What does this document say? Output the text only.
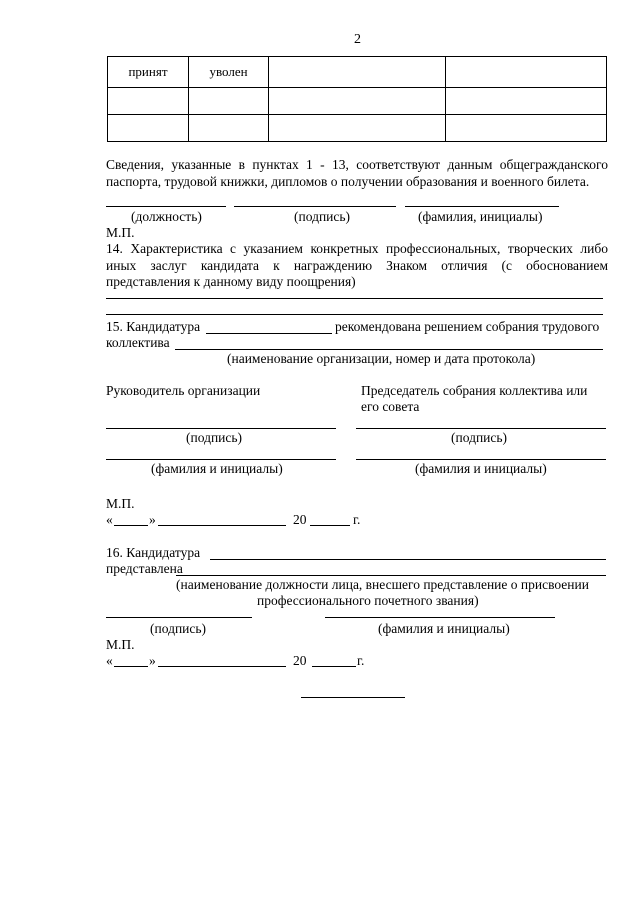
2
принят	уволен		

Сведения, указанные в пунктах 1 - 13, соответствуют данным общегражданского паспорта, трудовой книжки, дипломов о получении образования и военного билета.
(должность)	(подпись)	(фамилия, инициалы)
М.П.
14. Характеристика с указанием конкретных профессиональных, творческих либо иных заслуг кандидата к награждению Знаком отличия (с обоснованием представления к данному виду поощрения)
15. Кандидатура	рекомендована решением собрания трудового
коллектива
(наименование организации, номер и дата протокола)
Руководитель организации	Председатель собрания коллектива или
его совета
(подпись)	(подпись)
(фамилия и инициалы)	(фамилия и инициалы)
М.П.
«	»	20	г.
16. Кандидатура
представлена
(наименование должности лица, внесшего представление о присвоении
профессионального почетного звания)
(подпись)	(фамилия и инициалы)
М.П.
«	»	20	г.
